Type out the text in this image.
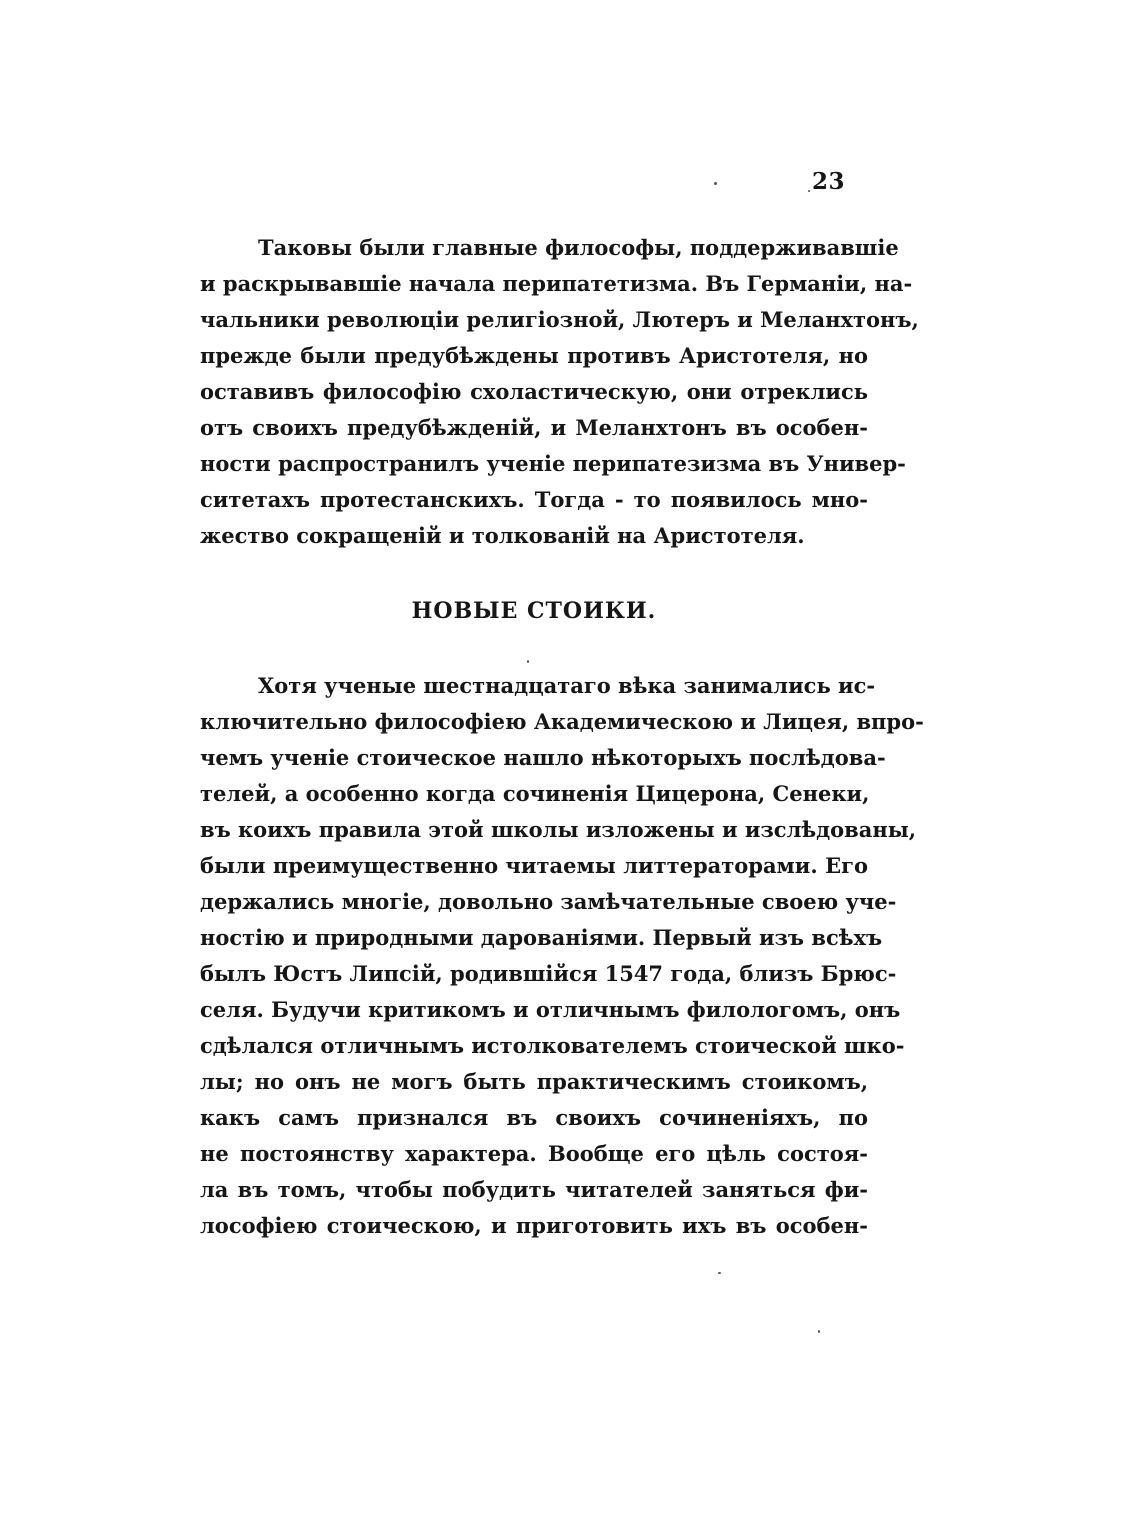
23
Таковы были главные философы, поддерживавшіе
и раскрывавшіе начала перипатетизма. Въ Германіи, на-
чальники революціи религіозной, Лютеръ и Меланхтонъ,
прежде были предубѣждены противъ Аристотеля, но
оставивъ философію схоластическую, они отреклись
отъ своихъ предубѣжденій, и Меланхтонъ въ особен-
ности распространилъ ученіе перипатезизма въ Универ-
ситетахъ протестанскихъ. Тогда - то появилось мно-
жество сокращеній и толкованій на Аристотеля.
НОВЫЕ СТОИКИ.
Хотя ученые шестнадцатаго вѣка занимались ис-
ключительно философіею Академическою и Лицея, впро-
чемъ ученіе стоическое нашло нѣкоторыхъ послѣдова-
телей, а особенно когда сочиненія Цицерона, Сенеки,
въ коихъ правила этой школы изложены и изслѣдованы,
были преимущественно читаемы литтераторами. Его
держались многіе, довольно замѣчательные своею уче-
ностію и природными дарованіями. Первый изъ всѣхъ
былъ Юстъ Липсій, родившійся 1547 года, близъ Брюс-
селя. Будучи критикомъ и отличнымъ филологомъ, онъ
сдѣлался отличнымъ истолкователемъ стоической шко-
лы; но онъ не могъ быть практическимъ стоикомъ,
какъ самъ признался въ своихъ сочиненіяхъ, по
не постоянству характера. Вообще его цѣль состоя-
ла въ томъ, чтобы побудить читателей заняться фи-
лософіею стоическою, и приготовить ихъ въ особен-
